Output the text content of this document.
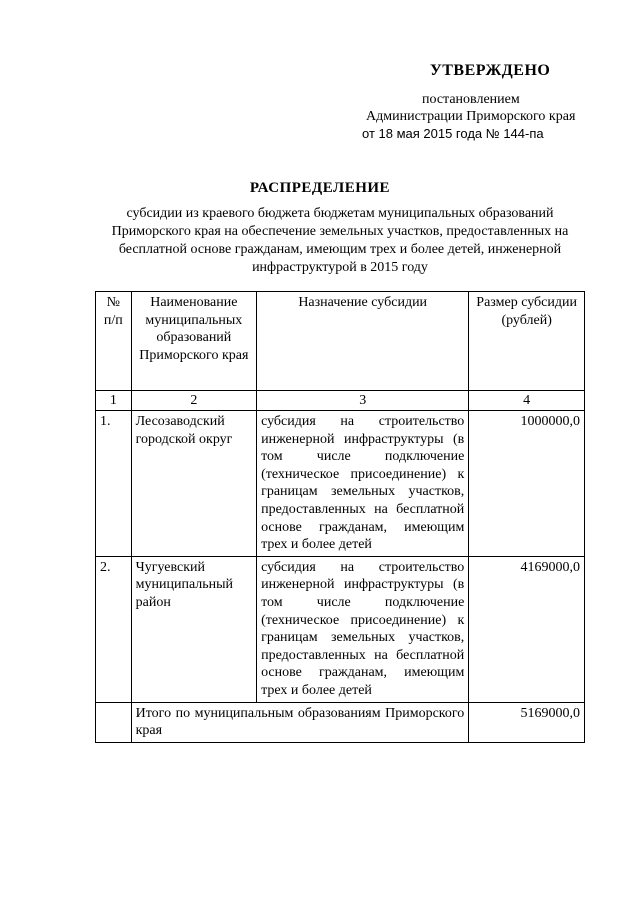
УТВЕРЖДЕНО
постановлением
Администрации Приморского края
от 18 мая 2015 года № 144-па
РАСПРЕДЕЛЕНИЕ
субсидии из краевого бюджета бюджетам муниципальных образований Приморского края на обеспечение земельных участков, предоставленных на бесплатной основе гражданам, имеющим трех и более детей, инженерной инфраструктурой в 2015 году
№ п/п	Наименование муниципальных образований Приморского края	Назначение субсидии	Размер субсидии (рублей)
1	2	3	4
1.	Лесозаводский городской округ	субсидия на строительство инженерной инфраструктуры (в том числе подключение (техническое присоединение) к границам земельных участков, предоставленных на бесплатной основе гражданам, имеющим трех и более детей	1000000,0
2.	Чугуевский муниципальный район	субсидия на строительство инженерной инфраструктуры (в том числе подключение (техническое присоединение) к границам земельных участков, предоставленных на бесплатной основе гражданам, имеющим трех и более детей	4169000,0
	Итого по муниципальным образованиям Приморского края		5169000,0
